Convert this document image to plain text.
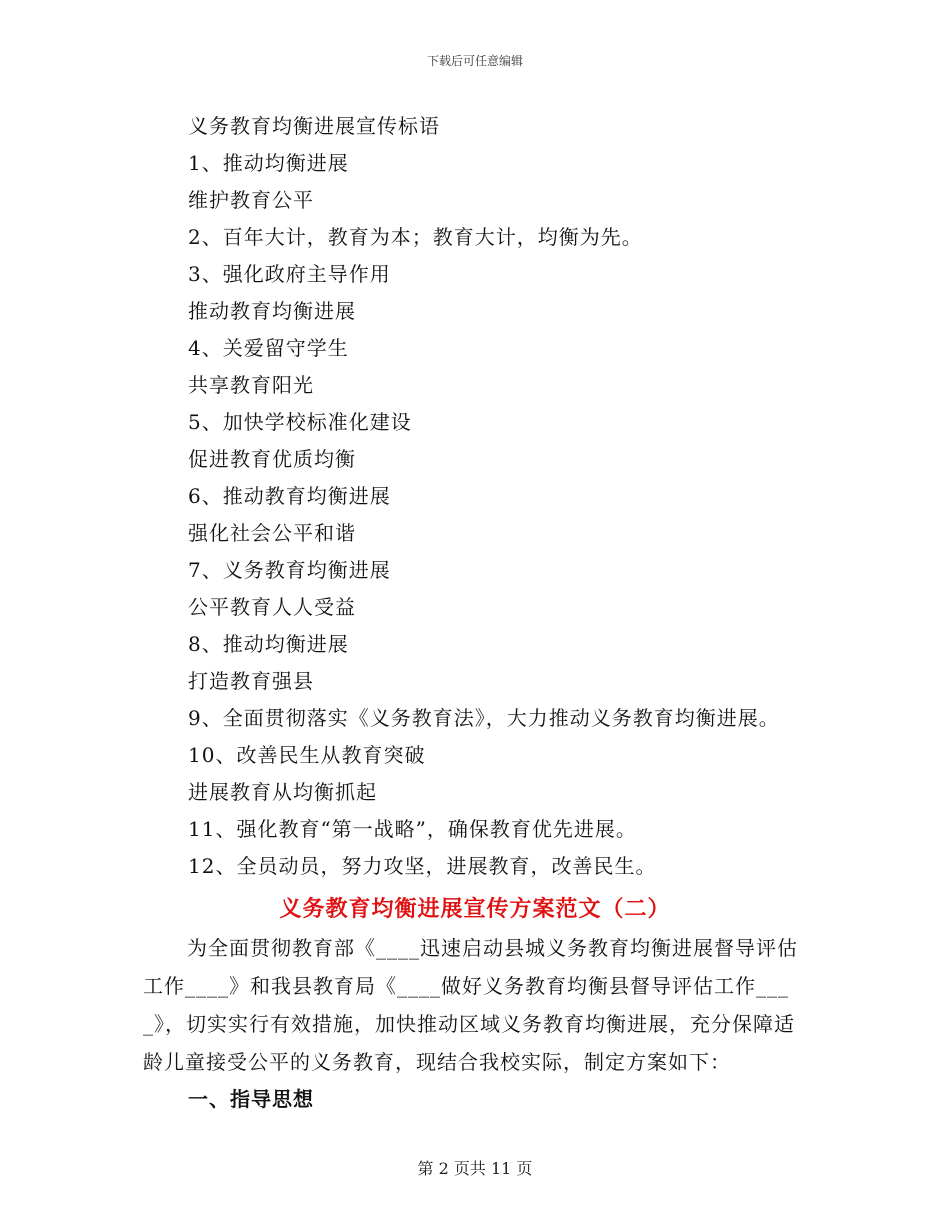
下载后可任意编辑
义务教育均衡进展宣传标语
1、推动均衡进展
维护教育公平
2、百年大计，教育为本；教育大计，均衡为先。
3、强化政府主导作用
推动教育均衡进展
4、关爱留守学生
共享教育阳光
5、加快学校标准化建设
促进教育优质均衡
6、推动教育均衡进展
强化社会公平和谐
7、义务教育均衡进展
公平教育人人受益
8、推动均衡进展
打造教育强县
9、全面贯彻落实《义务教育法》，大力推动义务教育均衡进展。
10、改善民生从教育突破
进展教育从均衡抓起
11、强化教育“第一战略”，确保教育优先进展。
12、全员动员，努力攻坚，进展教育，改善民生。
义务教育均衡进展宣传方案范文（二）
为全面贯彻教育部《____迅速启动县城义务教育均衡进展督导评估工作____》和我县教育局《____做好义务教育均衡县督导评估工作____》，切实实行有效措施，加快推动区域义务教育均衡进展，充分保障适龄儿童接受公平的义务教育，现结合我校实际，制定方案如下：
一、指导思想
第 2 页共 11 页
